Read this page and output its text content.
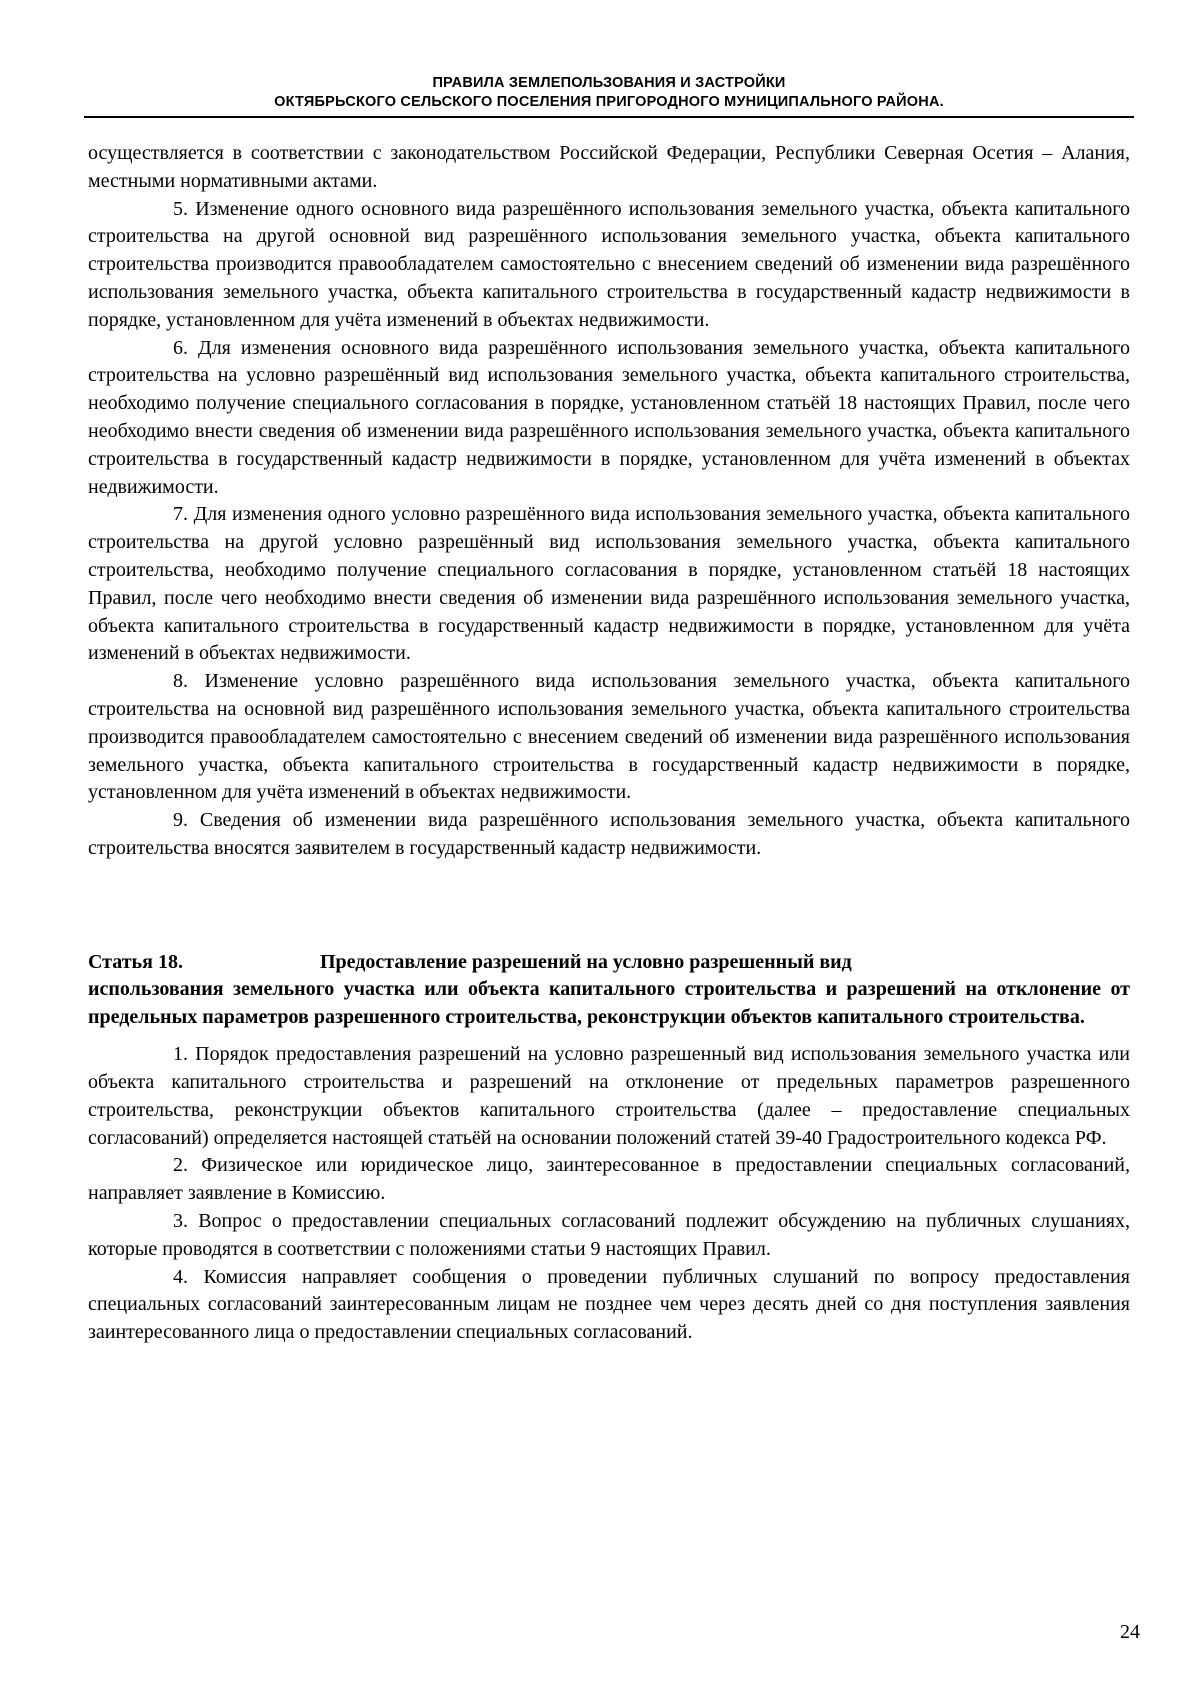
ПРАВИЛА ЗЕМЛЕПОЛЬЗОВАНИЯ И ЗАСТРОЙКИ
ОКТЯБРЬСКОГО СЕЛЬСКОГО ПОСЕЛЕНИЯ ПРИГОРОДНОГО МУНИЦИПАЛЬНОГО РАЙОНА.

осуществляется в соответствии с законодательством Российской Федерации, Республики Северная Осетия – Алания, местными нормативными актами.

5. Изменение одного основного вида разрешённого использования земельного участка, объекта капитального строительства на другой основной вид разрешённого использования земельного участка, объекта капитального строительства производится правообладателем самостоятельно с внесением сведений об изменении вида разрешённого использования земельного участка, объекта капитального строительства в государственный кадастр недвижимости в порядке, установленном для учёта изменений в объектах недвижимости.

6. Для изменения основного вида разрешённого использования земельного участка, объекта капитального строительства на условно разрешённый вид использования земельного участка, объекта капитального строительства, необходимо получение специального согласования в порядке, установленном статьёй 18 настоящих Правил, после чего необходимо внести сведения об изменении вида разрешённого использования земельного участка, объекта капитального строительства в государственный кадастр недвижимости в порядке, установленном для учёта изменений в объектах недвижимости.

7. Для изменения одного условно разрешённого вида использования земельного участка, объекта капитального строительства на другой условно разрешённый вид использования земельного участка, объекта капитального строительства, необходимо получение специального согласования в порядке, установленном статьёй 18 настоящих Правил, после чего необходимо внести сведения об изменении вида разрешённого использования земельного участка, объекта капитального строительства в государственный кадастр недвижимости в порядке, установленном для учёта изменений в объектах недвижимости.

8. Изменение условно разрешённого вида использования земельного участка, объекта капитального строительства на основной вид разрешённого использования земельного участка, объекта капитального строительства производится правообладателем самостоятельно с внесением сведений об изменении вида разрешённого использования земельного участка, объекта капитального строительства в государственный кадастр недвижимости в порядке, установленном для учёта изменений в объектах недвижимости.

9. Сведения об изменении вида разрешённого использования земельного участка, объекта капитального строительства вносятся заявителем в государственный кадастр недвижимости.

Статья 18.	Предоставление разрешений на условно разрешенный вид
использования земельного участка или объекта капитального строительства и разрешений на отклонение от предельных параметров разрешенного строительства, реконструкции объектов капитального строительства.

1. Порядок предоставления разрешений на условно разрешенный вид использования земельного участка или объекта капитального строительства и разрешений на отклонение от предельных параметров разрешенного строительства, реконструкции объектов капитального строительства (далее – предоставление специальных согласований) определяется настоящей статьёй на основании положений статей 39-40 Градостроительного кодекса РФ.

2. Физическое или юридическое лицо, заинтересованное в предоставлении специальных согласований, направляет заявление в Комиссию.

3. Вопрос о предоставлении специальных согласований подлежит обсуждению на публичных слушаниях, которые проводятся в соответствии с положениями статьи 9 настоящих Правил.

4. Комиссия направляет сообщения о проведении публичных слушаний по вопросу предоставления специальных согласований заинтересованным лицам не позднее чем через десять дней со дня поступления заявления заинтересованного лица о предоставлении специальных согласований.

24
